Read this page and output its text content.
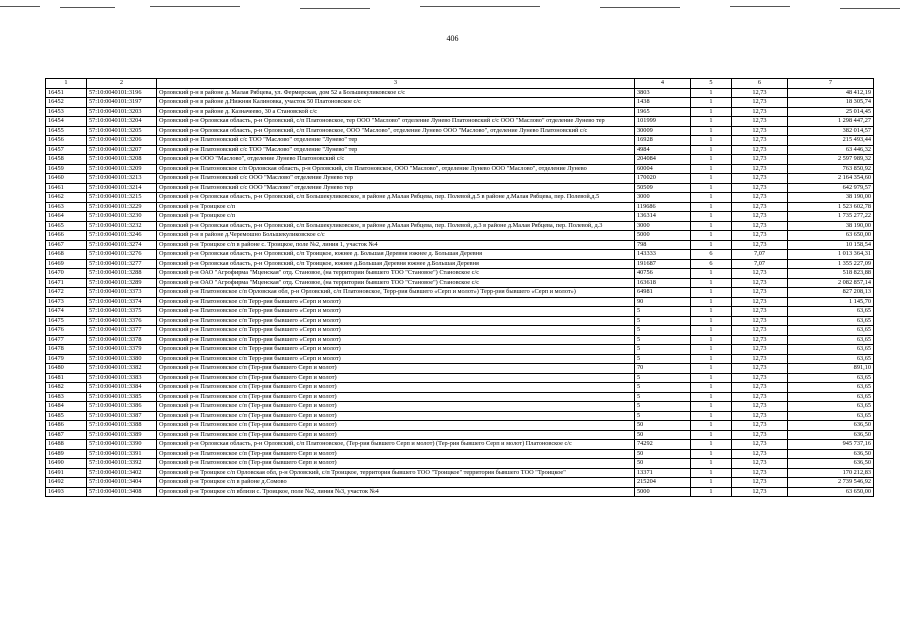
406
1	2	3	4	5	6	7
16451	57:10:0040101:3196	Орловский р-н в районе д. Малая Рябцева, ул. Фермерская, дом 52 а Большекуликовское с/с	3803	1	12,73	48 412,19
16452	57:10:0040101:3197	Орловский р-н в районе д.Нижняя Калиновка, участок 50 Платоновское с/с	1438	1	12,73	18 305,74
16453	57:10:0040101:3203	Орловский р-н в районе д. Казначеево, 30 а Становской с/с	1965	1	12,73	25 014,45
16454	57:10:0040101:3204	Орловский р-н Орловская область, р-н Орловский, с/п Платоновское, тер ООО "Маслово" отделение Лунево Платоновский с/с ООО "Маслово" отделение Лунево тер	101999	1	12,73	1 298 447,27
16455	57:10:0040101:3205	Орловский р-н Орловская область, р-н Орловский, с/п Платоновское, ООО "Маслово", отделение Лунево ООО "Маслово", отделение Лунево Платоновский с/с	30009	1	12,73	382 014,57
16456	57:10:0040101:3206	Орловский р-н Платоновский с/с ТОО "Маслово" отделение "Лунево" тер	16928	1	12,73	215 493,44
16457	57:10:0040101:3207	Орловский р-н Платоновский с/с ТОО "Маслово" отделение "Лунево" тер	4984	1	12,73	63 446,32
16458	57:10:0040101:3208	Орловский р-н ООО "Маслово", отделение Лунево Платоновский с/с	204084	1	12,73	2 597 989,32
16459	57:10:0040101:3209	Орловский р-н Платоновское с/п Орловская область, р-н Орловский, с/п Платоновское, ООО "Маслово", отделение Лунево ООО "Маслово", отделение Лунево	60004	1	12,73	763 850,92
16460	57:10:0040101:3213	Орловский р-н Платоновский с/с ООО "Маслово" отделение Лунево тер	170020	1	12,73	2 164 354,60
16461	57:10:0040101:3214	Орловский р-н Платоновский с/с ООО "Маслово" отделение Лунево тер	50509	1	12,73	642 979,57
16462	57:10:0040101:3215	Орловский р-н Орловская область, р-н Орловский, с/п Большекуликовское, в районе д.Малая Рябцева, пер. Полевой,д.5 в районе д.Малая Рябцева, пер. Полевой,д.5	3000	1	12,73	38 190,00
16463	57:10:0040101:3229	Орловский р-н Троицкое с/п	119686	1	12,73	1 523 602,78
16464	57:10:0040101:3230	Орловский р-н Троицкое с/п	136314	1	12,73	1 735 277,22
16465	57:10:0040101:3232	Орловский р-н Орловская область, р-н Орловский, с/п Большекуликовское, в районе д.Малая Рябцева, пер. Полевой, д.3 в районе д.Малая Рябцева, пер. Полевой, д.3	3000	1	12,73	38 190,00
16466	57:10:0040101:3246	Орловский р-н в районе д.Черемошно Большекуликовское с/с	5000	1	12,73	63 650,00
16467	57:10:0040101:3274	Орловский р-н Троицкое с/п в районе с. Троицкое, поле №2, линия 1, участок №4	798	1	12,73	10 158,54
16468	57:10:0040101:3276	Орловский р-н Орловская область, р-н Орловский, с/п Троицкое, южнее д. Большая Деревня южнее д. Большая Деревня	143333	6	7,07	1 013 364,31
16469	57:10:0040101:3277	Орловский р-н Орловская область, р-н Орловский, с/п Троицкое, южнее д.Большая Деревня южнее д.Большая Деревня	191687	6	7,07	1 355 227,09
16470	57:10:0040101:3288	Орловский р-н ОАО "Агрофирма "Мценская" отд. Становое, (на территории бывшего ТОО "Становое") Становское с/с	40756	1	12,73	518 823,88
16471	57:10:0040101:3289	Орловский р-н ОАО "Агрофирма "Мценская" отд. Становое, (на территории бывшего ТОО "Становое") Становское с/с	163618	1	12,73	2 082 857,14
16472	57:10:0040101:3373	Орловский р-н Платоновское с/п Орловская обл, р-н Орловский, с/п Платоновское, Терр-рия бывшего «Серп и молот») Терр-рия бывшего «Серп и молот»)	64981	1	12,73	827 208,13
16473	57:10:0040101:3374	Орловский р-н Платоновское с/п Терр-рия бывшего «Серп и молот)	90	1	12,73	1 145,70
16474	57:10:0040101:3375	Орловский р-н Платоновское с/п Терр-рия бывшего «Серп и молот)	5	1	12,73	63,65
16475	57:10:0040101:3376	Орловский р-н Платоновское с/п Терр-рия бывшего «Серп и молот)	5	1	12,73	63,65
16476	57:10:0040101:3377	Орловский р-н Платоновское с/п Терр-рия бывшего «Серп и молот)	5	1	12,73	63,65
16477	57:10:0040101:3378	Орловский р-н Платоновское с/п Терр-рия бывшего «Серп и молот)	5	1	12,73	63,65
16478	57:10:0040101:3379	Орловский р-н Платоновское с/п Терр-рия бывшего «Серп и молот)	5	1	12,73	63,65
16479	57:10:0040101:3380	Орловский р-н Платоновское с/п Терр-рия бывшего «Серп и молот)	5	1	12,73	63,65
16480	57:10:0040101:3382	Орловский р-н Платоновское с/п (Тер-рия бывшего Серп и молот)	70	1	12,73	891,10
16481	57:10:0040101:3383	Орловский р-н Платоновское с/п (Тер-рия бывшего Серп и молот)	5	1	12,73	63,65
16482	57:10:0040101:3384	Орловский р-н Платоновское с/п (Тер-рия бывшего Серп и молот)	5	1	12,73	63,65
16483	57:10:0040101:3385	Орловский р-н Платоновское с/п (Тер-рия бывшего Серп и молот)	5	1	12,73	63,65
16484	57:10:0040101:3386	Орловский р-н Платоновское с/п (Тер-рия бывшего Серп и молот)	5	1	12,73	63,65
16485	57:10:0040101:3387	Орловский р-н Платоновское с/п (Тер-рия бывшего Серп и молот)	5	1	12,73	63,65
16486	57:10:0040101:3388	Орловский р-н Платоновское с/п (Тер-рия бывшего Серп и молот)	50	1	12,73	636,50
16487	57:10:0040101:3389	Орловский р-н Платоновское с/п (Тер-рия бывшего Серп и молот)	50	1	12,73	636,50
16488	57:10:0040101:3390	Орловский р-н Орловская область, р-н Орловский, с/п Платоновское, (Тер-рия бывшего Серп и молот) (Тер-рия бывшего Серп и молот) Платоновское с/с	74292	1	12,73	945 737,16
16489	57:10:0040101:3391	Орловский р-н Платоновское с/п (Тер-рия бывшего Серп и молот)	50	1	12,73	636,50
16490	57:10:0040101:3392	Орловский р-н Платоновское с/п (Тер-рия бывшего Серп и молот)	50	1	12,73	636,50
16491	57:10:0040101:3402	Орловский р-н Троицкое с/п Орловская обл, р-н Орловский, с/п Троицкое, территория бывшего ТОО "Троицкое" территория бывшего ТОО "Троицкое"	13371	1	12,73	170 212,83
16492	57:10:0040101:3404	Орловский р-н Троицкое с/п в районе д.Сомово	215204	1	12,73	2 739 546,92
16493	57:10:0040101:3408	Орловский р-н Троицкое с/п вблизи с. Троицкое, поле №2, линия №3, участок №4	5000	1	12,73	63 650,00
